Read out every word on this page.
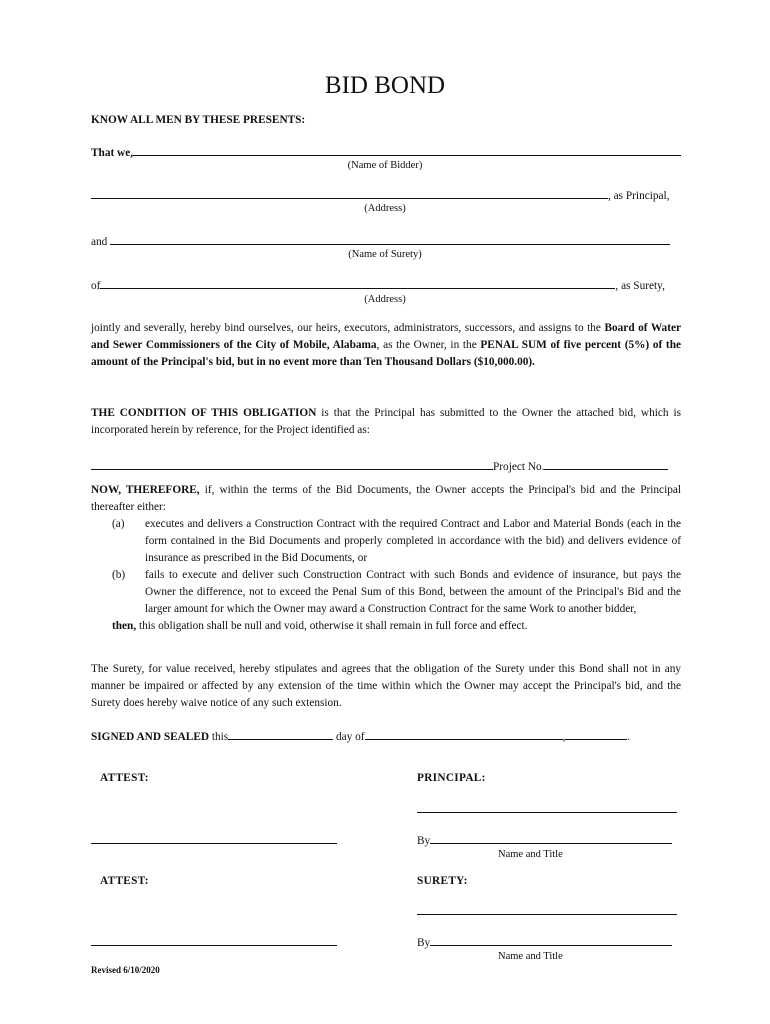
BID BOND
KNOW ALL MEN BY THESE PRESENTS:
That we,
(Name of Bidder)
, as Principal,
(Address)
and
(Name of Surety)
of	, as Surety,
(Address)
jointly and severally, hereby bind ourselves, our heirs, executors, administrators, successors, and assigns to the Board of Water and Sewer Commissioners of the City of Mobile, Alabama, as the Owner, in the PENAL SUM of five percent (5%) of the amount of the Principal's bid, but in no event more than Ten Thousand Dollars ($10,000.00).
THE CONDITION OF THIS OBLIGATION is that the Principal has submitted to the Owner the attached bid, which is incorporated herein by reference, for the Project identified as:
Project No.
NOW, THEREFORE, if, within the terms of the Bid Documents, the Owner accepts the Principal's bid and the Principal thereafter either:
(a) executes and delivers a Construction Contract with the required Contract and Labor and Material Bonds (each in the form contained in the Bid Documents and properly completed in accordance with the bid) and delivers evidence of insurance as prescribed in the Bid Documents, or
(b) fails to execute and deliver such Construction Contract with such Bonds and evidence of insurance, but pays the Owner the difference, not to exceed the Penal Sum of this Bond, between the amount of the Principal's Bid and the larger amount for which the Owner may award a Construction Contract for the same Work to another bidder,
then, this obligation shall be null and void, otherwise it shall remain in full force and effect.
The Surety, for value received, hereby stipulates and agrees that the obligation of the Surety under this Bond shall not in any manner be impaired or affected by any extension of the time within which the Owner may accept the Principal's bid, and the Surety does hereby waive notice of any such extension.
SIGNED AND SEALED this	day of	,	.
ATTEST:	PRINCIPAL:
By
Name and Title
ATTEST:	SURETY:
By
Name and Title
Revised 6/10/2020
